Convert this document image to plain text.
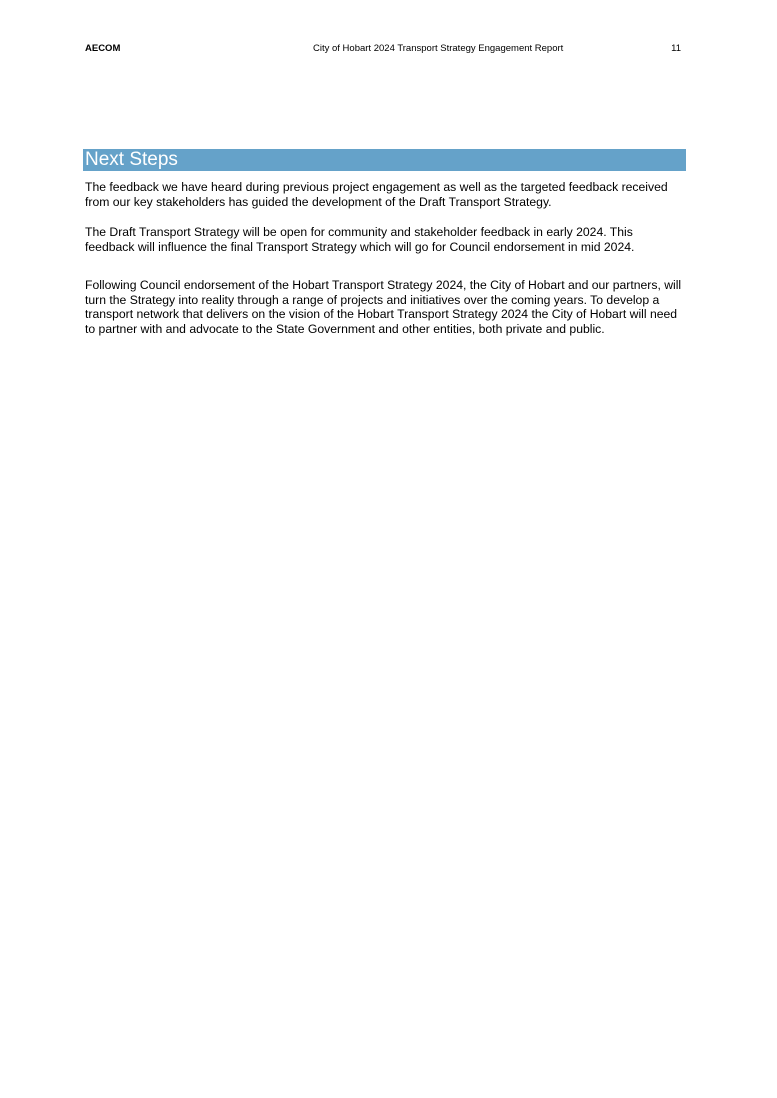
AECOM	City of Hobart 2024 Transport Strategy Engagement Report	11
Next Steps

The feedback we have heard during previous project engagement as well as the targeted feedback received from our key stakeholders has guided the development of the Draft Transport Strategy.

The Draft Transport Strategy will be open for community and stakeholder feedback in early 2024. This feedback will influence the final Transport Strategy which will go for Council endorsement in mid 2024.

Following Council endorsement of the Hobart Transport Strategy 2024, the City of Hobart and our partners, will turn the Strategy into reality through a range of projects and initiatives over the coming years. To develop a transport network that delivers on the vision of the Hobart Transport Strategy 2024 the City of Hobart will need to partner with and advocate to the State Government and other entities, both private and public.
